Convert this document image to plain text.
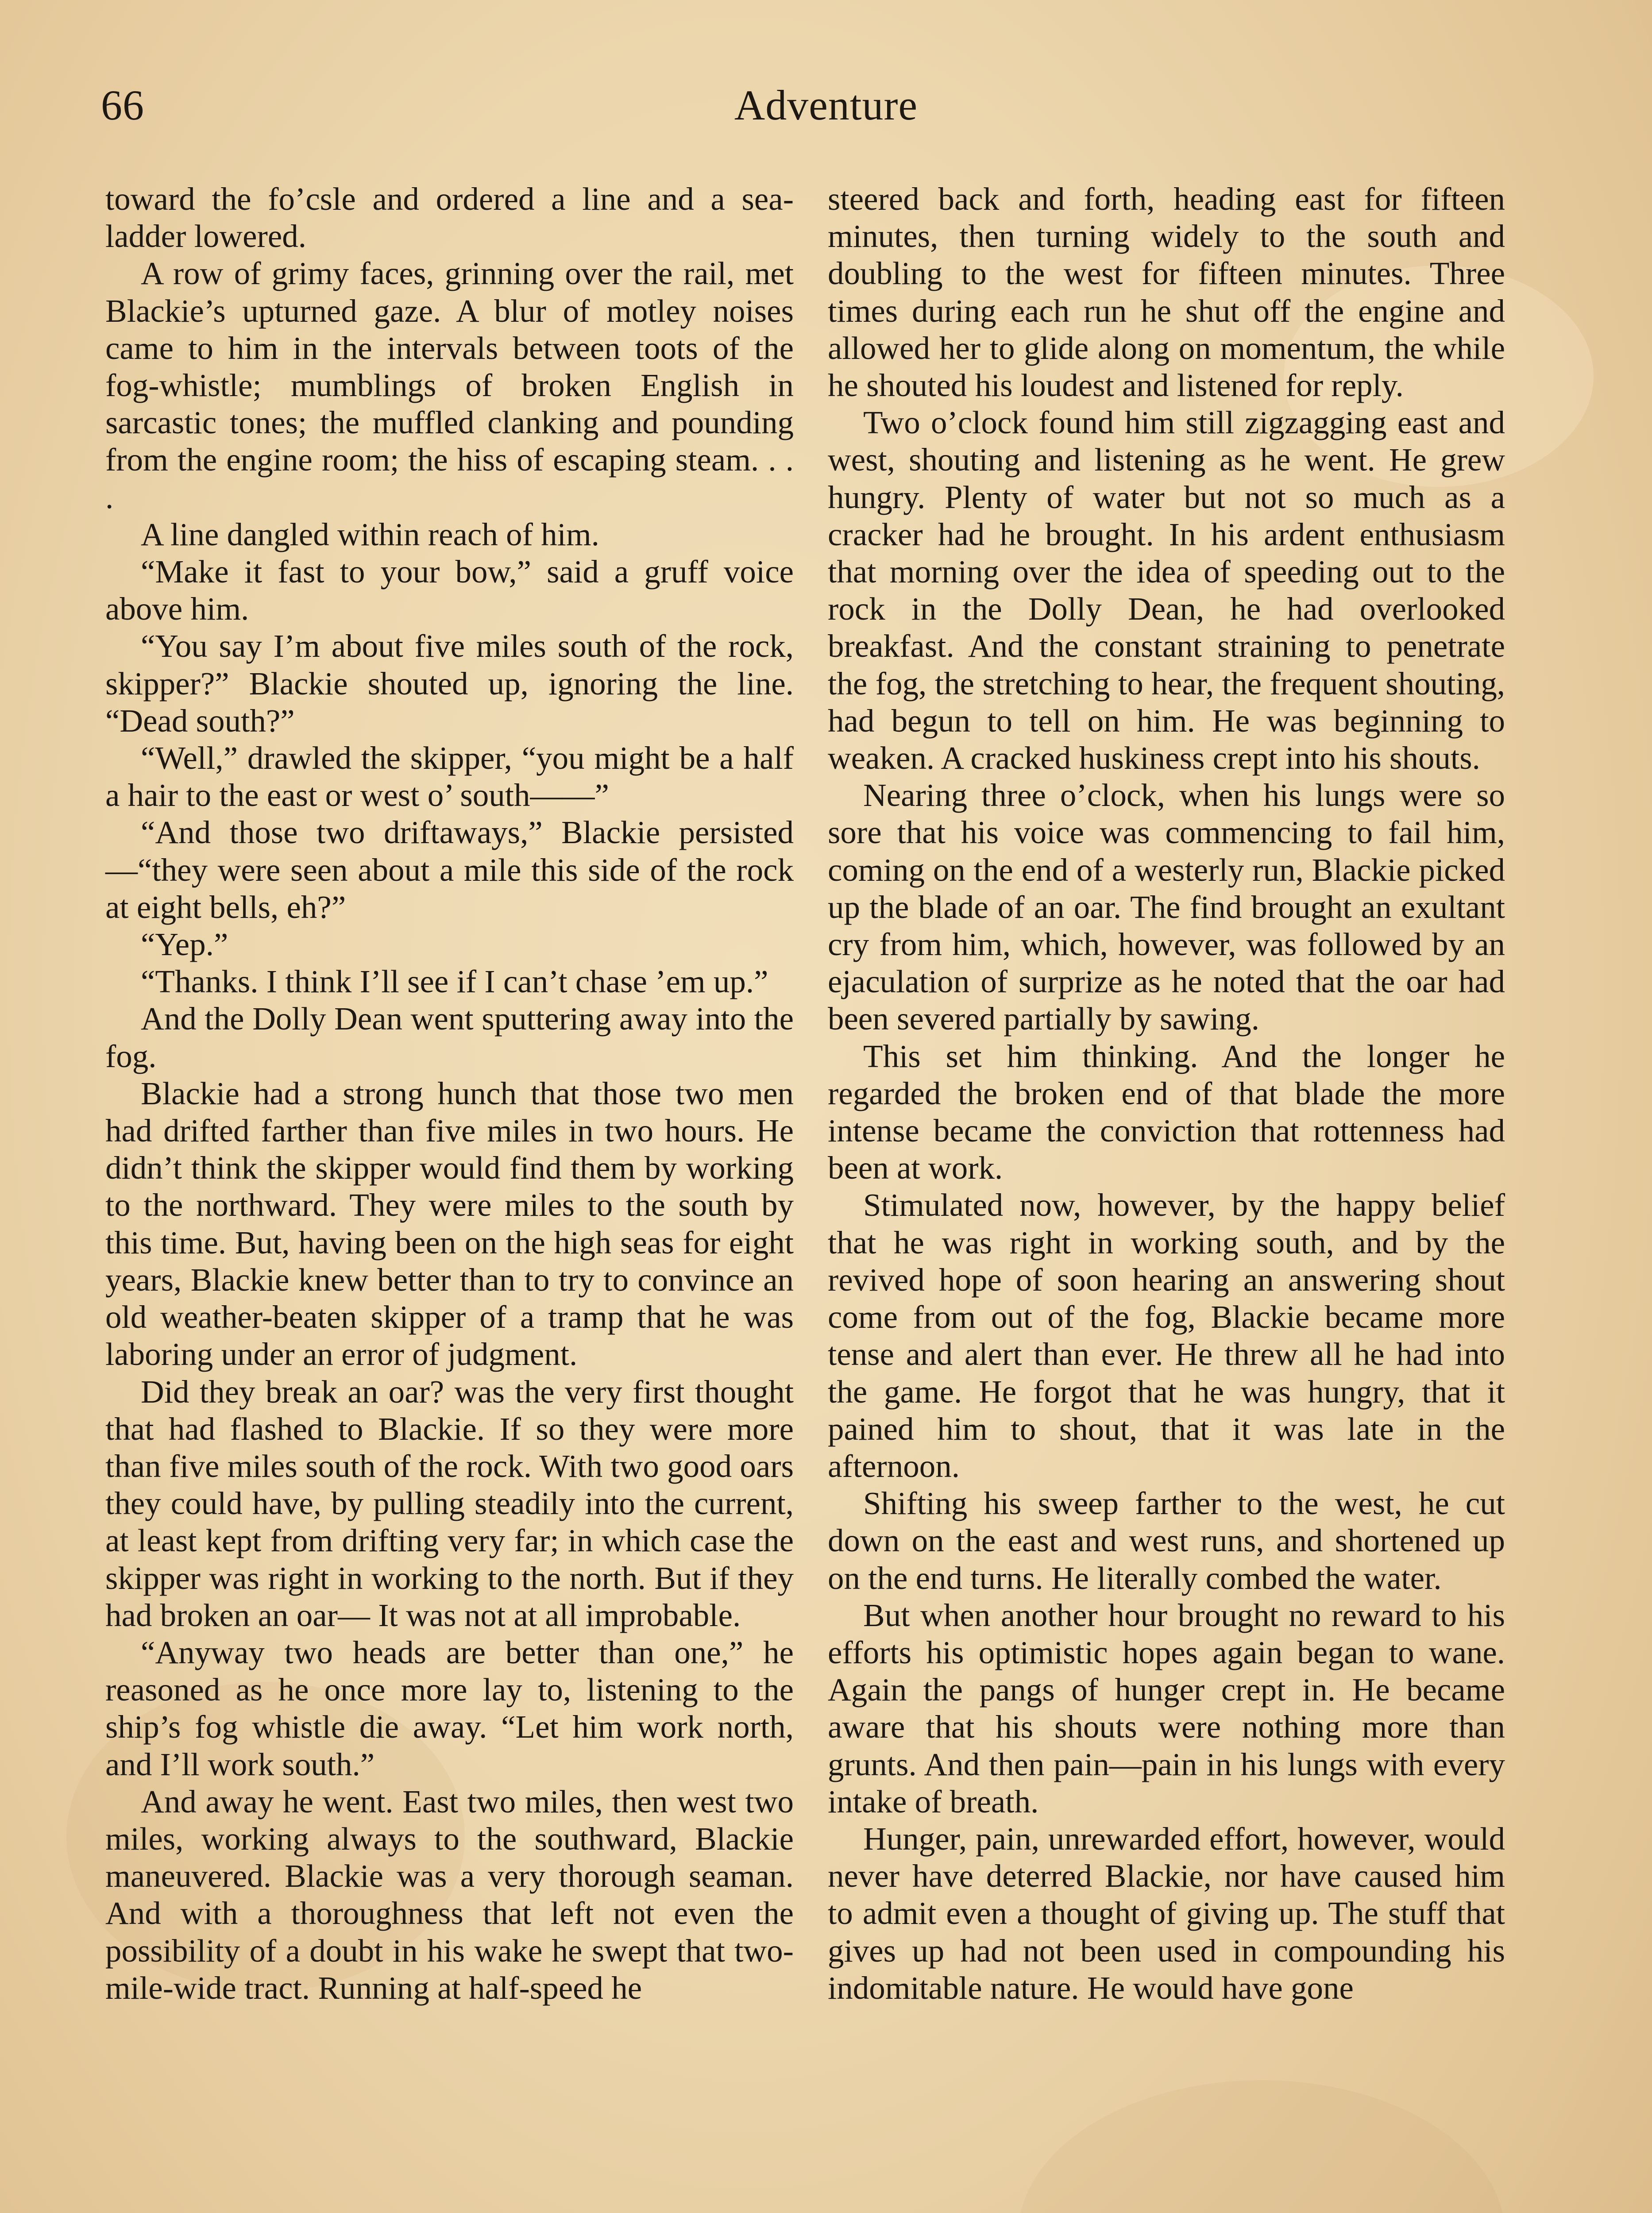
66	Adventure

toward the fo’csle and ordered a line and a sea-ladder lowered.

A row of grimy faces, grinning over the rail, met Blackie’s upturned gaze. A blur of motley noises came to him in the intervals between toots of the fog-whistle; mumblings of broken English in sarcastic tones; the muffled clanking and pounding from the engine room; the hiss of escaping steam. . . .

A line dangled within reach of him.

“Make it fast to your bow,” said a gruff voice above him.

“You say I’m about five miles south of the rock, skipper?” Blackie shouted up, ignoring the line. “Dead south?”

“Well,” drawled the skipper, “you might be a half a hair to the east or west o’ south——”

“And those two driftaways,” Blackie persisted—“they were seen about a mile this side of the rock at eight bells, eh?”

“Yep.”

“Thanks. I think I’ll see if I can’t chase ’em up.”

And the Dolly Dean went sputtering away into the fog.

Blackie had a strong hunch that those two men had drifted farther than five miles in two hours. He didn’t think the skipper would find them by working to the northward. They were miles to the south by this time. But, having been on the high seas for eight years, Blackie knew better than to try to convince an old weather-beaten skipper of a tramp that he was laboring under an error of judgment.

Did they break an oar? was the very first thought that had flashed to Blackie. If so they were more than five miles south of the rock. With two good oars they could have, by pulling steadily into the current, at least kept from drifting very far; in which case the skipper was right in working to the north. But if they had broken an oar— It was not at all improbable.

“Anyway two heads are better than one,” he reasoned as he once more lay to, listening to the ship’s fog whistle die away. “Let him work north, and I’ll work south.”

And away he went. East two miles, then west two miles, working always to the southward, Blackie maneuvered. Blackie was a very thorough seaman. And with a thoroughness that left not even the possibility of a doubt in his wake he swept that two-mile-wide tract. Running at half-speed he

steered back and forth, heading east for fifteen minutes, then turning widely to the south and doubling to the west for fifteen minutes. Three times during each run he shut off the engine and allowed her to glide along on momentum, the while he shouted his loudest and listened for reply.

Two o’clock found him still zigzagging east and west, shouting and listening as he went. He grew hungry. Plenty of water but not so much as a cracker had he brought. In his ardent enthusiasm that morning over the idea of speeding out to the rock in the Dolly Dean, he had overlooked breakfast. And the constant straining to penetrate the fog, the stretching to hear, the frequent shouting, had begun to tell on him. He was beginning to weaken. A cracked huskiness crept into his shouts.

Nearing three o’clock, when his lungs were so sore that his voice was commencing to fail him, coming on the end of a westerly run, Blackie picked up the blade of an oar. The find brought an exultant cry from him, which, however, was followed by an ejaculation of surprize as he noted that the oar had been severed partially by sawing.

This set him thinking. And the longer he regarded the broken end of that blade the more intense became the conviction that rottenness had been at work.

Stimulated now, however, by the happy belief that he was right in working south, and by the revived hope of soon hearing an answering shout come from out of the fog, Blackie became more tense and alert than ever. He threw all he had into the game. He forgot that he was hungry, that it pained him to shout, that it was late in the afternoon.

Shifting his sweep farther to the west, he cut down on the east and west runs, and shortened up on the end turns. He literally combed the water.

But when another hour brought no reward to his efforts his optimistic hopes again began to wane. Again the pangs of hunger crept in. He became aware that his shouts were nothing more than grunts. And then pain—pain in his lungs with every intake of breath.

Hunger, pain, unrewarded effort, however, would never have deterred Blackie, nor have caused him to admit even a thought of giving up. The stuff that gives up had not been used in compounding his indomitable nature. He would have gone
